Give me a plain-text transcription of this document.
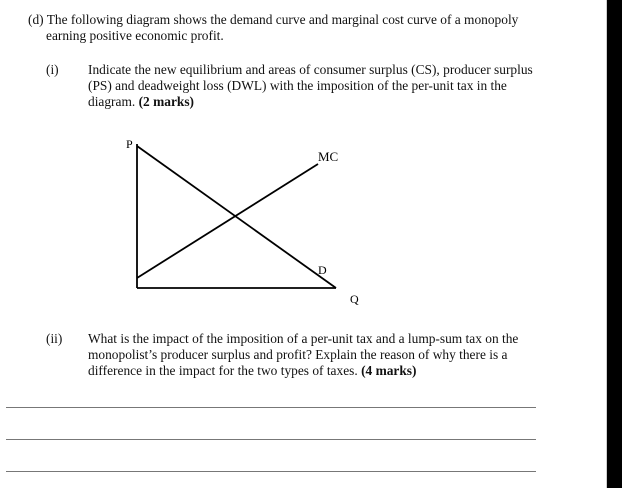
(d) The following diagram shows the demand curve and marginal cost curve of a monopoly

earning positive economic profit.

(i) Indicate the new equilibrium and areas of consumer surplus (CS), producer surplus

(PS) and deadweight loss (DWL) with the imposition of the per-unit tax in the

diagram. (2 marks)

P
MC
D
Q

(ii) What is the impact of the imposition of a per-unit tax and a lump-sum tax on the

monopolist’s producer surplus and profit? Explain the reason of why there is a

difference in the impact for the two types of taxes. (4 marks)
